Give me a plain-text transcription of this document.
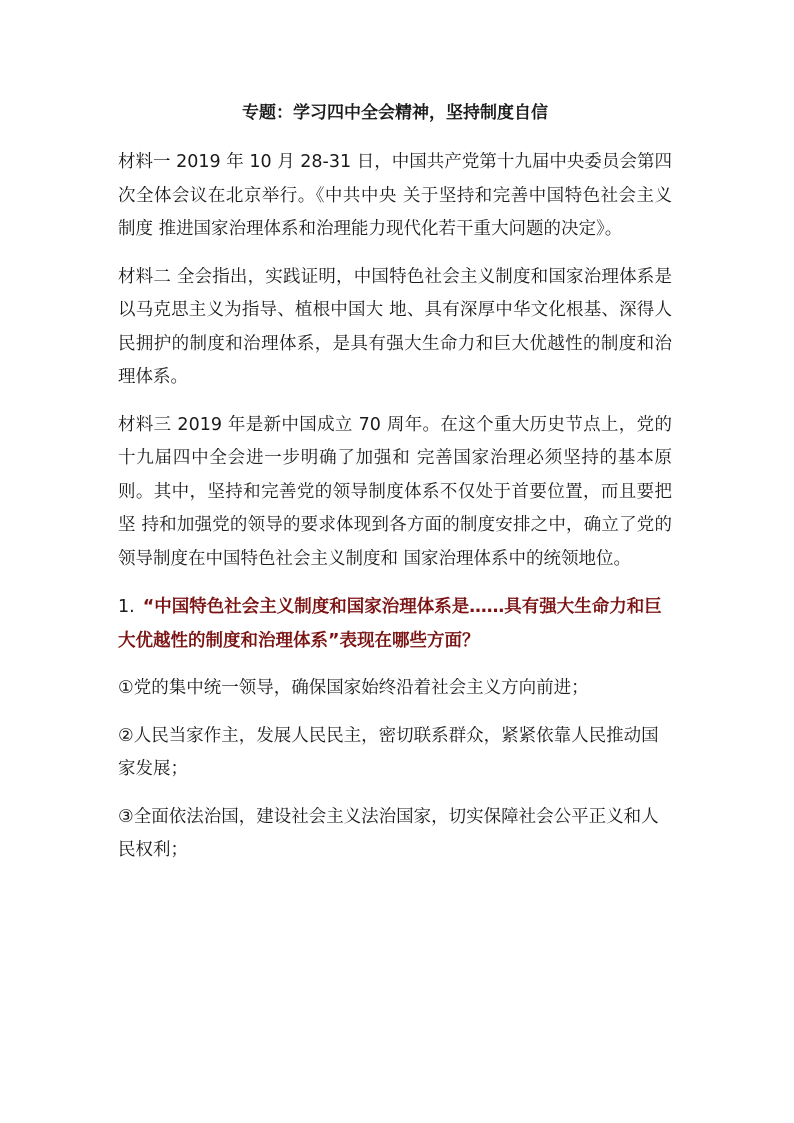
专题：学习四中全会精神，坚持制度自信
材料一 2019 年 10 月 28-31 日，中国共产党第十九届中央委员会第四次全体会议在北京举行。《中共中央 关于坚持和完善中国特色社会主义制度 推进国家治理体系和治理能力现代化若干重大问题的决定》。
材料二 全会指出，实践证明，中国特色社会主义制度和国家治理体系是以马克思主义为指导、植根中国大 地、具有深厚中华文化根基、深得人民拥护的制度和治理体系，是具有强大生命力和巨大优越性的制度和治理体系。
材料三 2019 年是新中国成立 70 周年。在这个重大历史节点上，党的十九届四中全会进一步明确了加强和 完善国家治理必须坚持的基本原则。其中，坚持和完善党的领导制度体系不仅处于首要位置，而且要把坚 持和加强党的领导的要求体现到各方面的制度安排之中，确立了党的领导制度在中国特色社会主义制度和 国家治理体系中的统领地位。
1. “中国特色社会主义制度和国家治理体系是……具有强大生命力和巨大优越性的制度和治理体系”表现在哪些方面？
①党的集中统一领导，确保国家始终沿着社会主义方向前进；
②人民当家作主，发展人民民主，密切联系群众，紧紧依靠人民推动国家发展；
③全面依法治国，建设社会主义法治国家，切实保障社会公平正义和人民权利；
